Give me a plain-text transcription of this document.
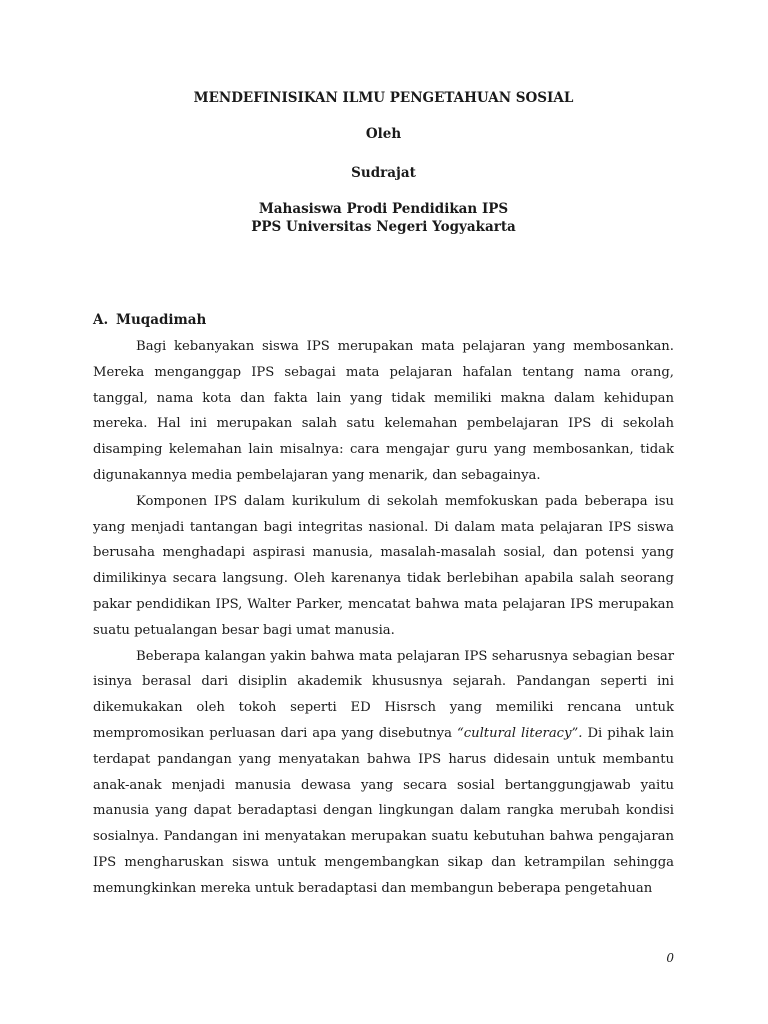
MENDEFINISIKAN ILMU PENGETAHUAN SOSIAL
Oleh
Sudrajat
Mahasiswa Prodi Pendidikan IPS
PPS Universitas Negeri Yogyakarta
A. Muqadimah

Bagi kebanyakan siswa IPS merupakan mata pelajaran yang membosankan. Mereka menganggap IPS sebagai mata pelajaran hafalan tentang nama orang, tanggal, nama kota dan fakta lain yang tidak memiliki makna dalam kehidupan mereka. Hal ini merupakan salah satu kelemahan pembelajaran IPS di sekolah disamping kelemahan lain misalnya: cara mengajar guru yang membosankan, tidak digunakannya media pembelajaran yang menarik, dan sebagainya.

Komponen IPS dalam kurikulum di sekolah memfokuskan pada beberapa isu yang menjadi tantangan bagi integritas nasional. Di dalam mata pelajaran IPS siswa berusaha menghadapi aspirasi manusia, masalah-masalah sosial, dan potensi yang dimilikinya secara langsung. Oleh karenanya tidak berlebihan apabila salah seorang pakar pendidikan IPS, Walter Parker, mencatat bahwa mata pelajaran IPS merupakan suatu petualangan besar bagi umat manusia.

Beberapa kalangan yakin bahwa mata pelajaran IPS seharusnya sebagian besar isinya berasal dari disiplin akademik khususnya sejarah. Pandangan seperti ini dikemukakan oleh tokoh seperti ED Hisrsch yang memiliki rencana untuk mempromosikan perluasan dari apa yang disebutnya “cultural literacy”. Di pihak lain terdapat pandangan yang menyatakan bahwa IPS harus didesain untuk membantu anak-anak menjadi manusia dewasa yang secara sosial bertanggungjawab yaitu manusia yang dapat beradaptasi dengan lingkungan dalam rangka merubah kondisi sosialnya. Pandangan ini menyatakan merupakan suatu kebutuhan bahwa pengajaran IPS mengharuskan siswa untuk mengembangkan sikap dan ketrampilan sehingga memungkinkan mereka untuk beradaptasi dan membangun beberapa pengetahuan

0
